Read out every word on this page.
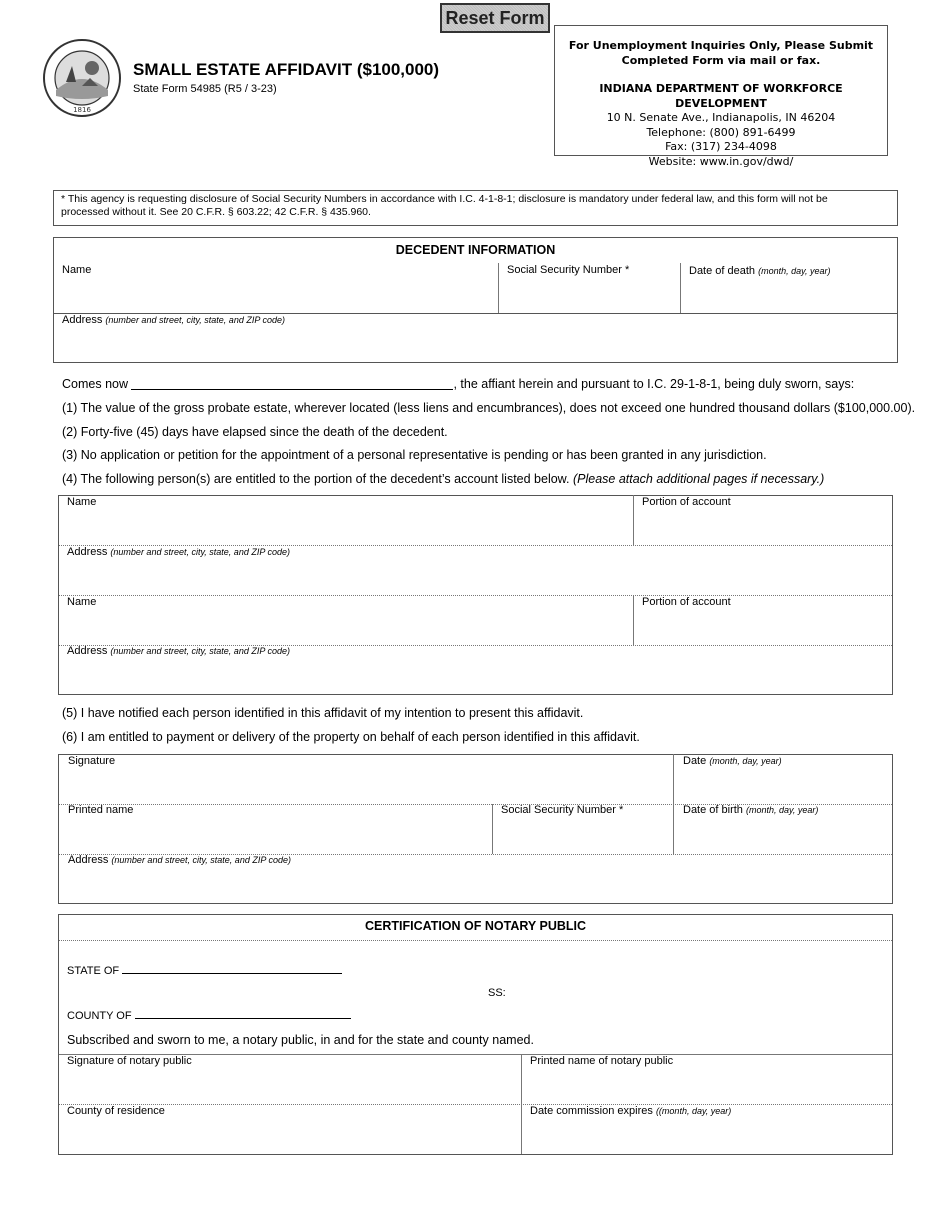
Reset Form
1816
SMALL ESTATE AFFIDAVIT ($100,000)
State Form 54985 (R5 / 3-23)
For Unemployment Inquiries Only, Please Submit
Completed Form via mail or fax.
INDIANA DEPARTMENT OF WORKFORCE DEVELOPMENT
10 N. Senate Ave., Indianapolis, IN 46204
Telephone: (800) 891-6499
Fax: (317) 234-4098
Website: www.in.gov/dwd/
* This agency is requesting disclosure of Social Security Numbers in accordance with I.C. 4-1-8-1; disclosure is mandatory under federal law, and this form will not be
processed without it. See 20 C.F.R. § 603.22; 42 C.F.R. § 435.960.
DECEDENT INFORMATION
Name	Social Security Number *	Date of death (month, day, year)
Address (number and street, city, state, and ZIP code)
Comes now	, the affiant herein and pursuant to I.C. 29-1-8-1, being duly sworn, says:
(1) The value of the gross probate estate, wherever located (less liens and encumbrances), does not exceed one hundred thousand dollars ($100,000.00).
(2) Forty-five (45) days have elapsed since the death of the decedent.
(3) No application or petition for the appointment of a personal representative is pending or has been granted in any jurisdiction.
(4) The following person(s) are entitled to the portion of the decedent’s account listed below. (Please attach additional pages if necessary.)
Name	Portion of account
Address (number and street, city, state, and ZIP code)
Name	Portion of account
Address (number and street, city, state, and ZIP code)
(5) I have notified each person identified in this affidavit of my intention to present this affidavit.
(6) I am entitled to payment or delivery of the property on behalf of each person identified in this affidavit.
Signature	Date (month, day, year)
Printed name	Social Security Number *	Date of birth (month, day, year)
Address (number and street, city, state, and ZIP code)
CERTIFICATION OF NOTARY PUBLIC
STATE OF
SS:
COUNTY OF
Subscribed and sworn to me, a notary public, in and for the state and county named.
Signature of notary public	Printed name of notary public
County of residence	Date commission expires ((month, day, year)
